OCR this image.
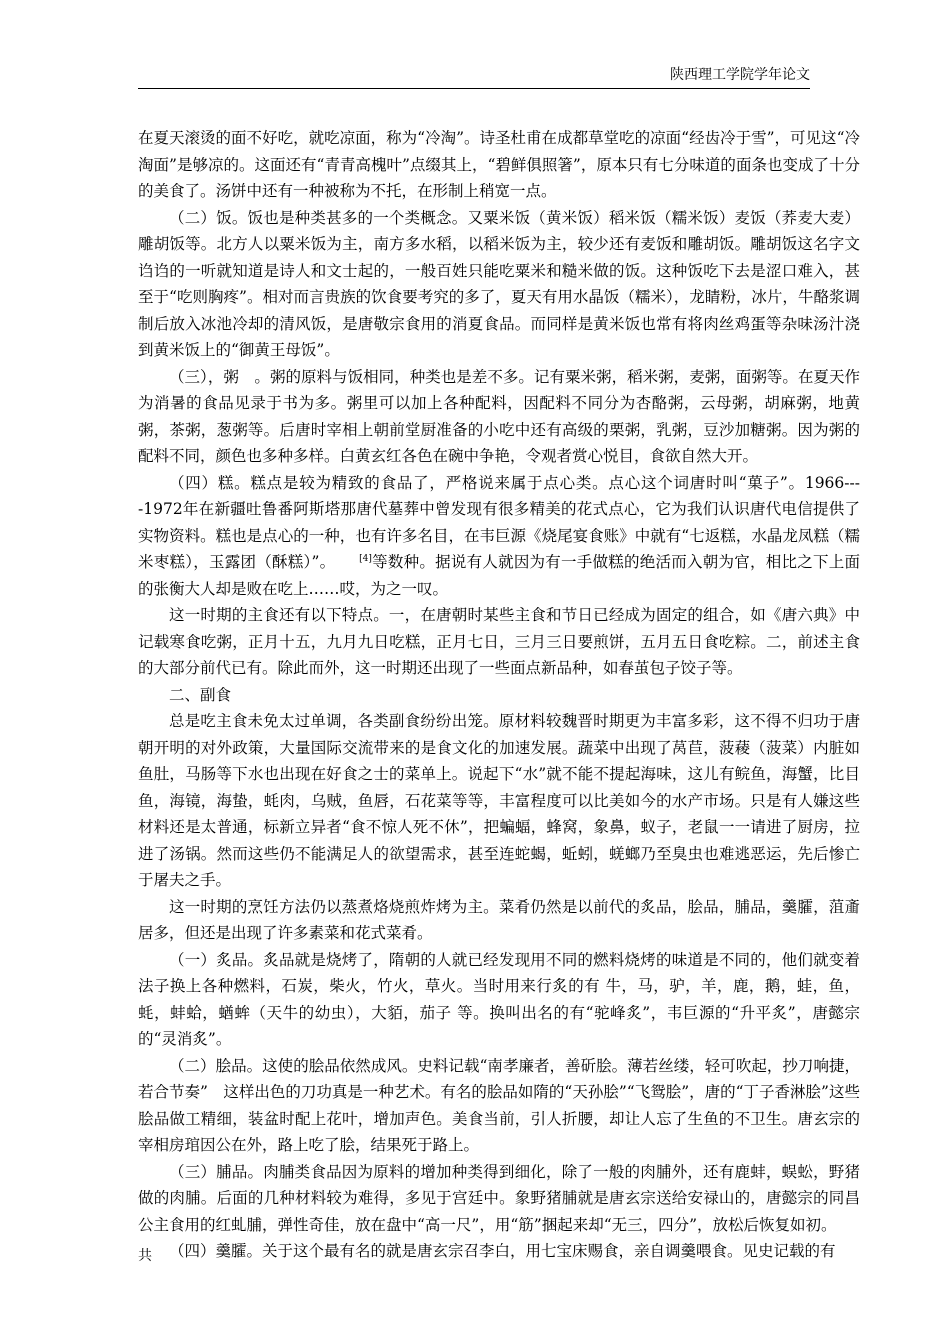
陕西理工学院学年论文

在夏天滚烫的面不好吃，就吃凉面，称为“冷淘”。诗圣杜甫在成都草堂吃的凉面“经齿冷于雪”，可见这“冷淘面”是够凉的。这面还有“青青高槐叶”点缀其上，“碧鲜俱照箸”，原本只有七分味道的面条也变成了十分的美食了。汤饼中还有一种被称为不托，在形制上稍宽一点。

（二）饭。饭也是种类甚多的一个类概念。又粟米饭（黄米饭）稻米饭（糯米饭）麦饭（荞麦大麦）雕胡饭等。北方人以粟米饭为主，南方多水稻，以稻米饭为主，较少还有麦饭和雕胡饭。雕胡饭这名字文诌诌的一听就知道是诗人和文士起的，一般百姓只能吃粟米和糙米做的饭。这种饭吃下去是涩口难入，甚至于“吃则胸疼”。相对而言贵族的饮食要考究的多了，夏天有用水晶饭（糯米），龙睛粉，冰片，牛酪浆调制后放入冰池冷却的清风饭，是唐敬宗食用的消夏食品。而同样是黄米饭也常有将肉丝鸡蛋等杂味汤汁浇到黄米饭上的“御黄王母饭”。

（三），粥　。粥的原料与饭相同，种类也是差不多。记有粟米粥，稻米粥，麦粥，面粥等。在夏天作为消暑的食品见录于书为多。粥里可以加上各种配料，因配料不同分为杏酪粥，云母粥，胡麻粥，地黄粥，茶粥，葱粥等。后唐时宰相上朝前堂厨准备的小吃中还有高级的栗粥，乳粥，豆沙加糖粥。因为粥的配料不同，颜色也多种多样。白黄玄红各色在碗中争艳，令观者赏心悦目，食欲自然大开。

（四）糕。糕点是较为精致的食品了，严格说来属于点心类。点心这个词唐时叫“菓子”。1966----1972年在新疆吐鲁番阿斯塔那唐代墓葬中曾发现有很多精美的花式点心，它为我们认识唐代电信提供了实物资料。糕也是点心的一种，也有许多名目，在韦巨源《烧尾宴食账》中就有“七返糕，水晶龙凤糕（糯米枣糕），玉露团（酥糕）”。　　[4]等数种。据说有人就因为有一手做糕的绝活而入朝为官，相比之下上面的张衡大人却是败在吃上……哎，为之一叹。

这一时期的主食还有以下特点。一，在唐朝时某些主食和节日已经成为固定的组合，如《唐六典》中记载寒食吃粥，正月十五，九月九日吃糕，正月七日，三月三日要煎饼，五月五日食吃粽。二，前述主食的大部分前代已有。除此而外，这一时期还出现了一些面点新品种，如春茧包子饺子等。

二、副食

总是吃主食未免太过单调，各类副食纷纷出笼。原材料较魏晋时期更为丰富多彩，这不得不归功于唐朝开明的对外政策，大量国际交流带来的是食文化的加速发展。蔬菜中出现了莴苣，菠薐（菠菜）内脏如鱼肚，马肠等下水也出现在好食之士的菜单上。说起下“水”就不能不提起海味，这儿有鲩鱼，海蟹，比目鱼，海镜，海蛰，蚝肉，乌贼，鱼唇，石花菜等等，丰富程度可以比美如今的水产市场。只是有人嫌这些材料还是太普通，标新立异者“食不惊人死不休”，把蝙蝠，蜂窝，象鼻，蚁子，老鼠一一请进了厨房，拉进了汤锅。然而这些仍不能满足人的欲望需求，甚至连蛇蝎，蚯蚓，蜣螂乃至臭虫也难逃恶运，先后惨亡于屠夫之手。

这一时期的烹饪方法仍以蒸煮烙烧煎炸烤为主。菜肴仍然是以前代的炙品，脍品，脯品，羹臛，菹齑居多，但还是出现了许多素菜和花式菜肴。

（一）炙品。炙品就是烧烤了，隋朝的人就已经发现用不同的燃料烧烤的味道是不同的，他们就变着法子换上各种燃料，石炭，柴火，竹火，草火。当时用来行炙的有 牛，马，驴，羊，鹿，鹅，蛙，鱼，蚝，蚌蛤，蝤蛑（天牛的幼虫），大貊，茄子 等。换叫出名的有“驼峰炙”，韦巨源的“升平炙”，唐懿宗的“灵消炙”。

（二）脍品。这使的脍品依然成风。史料记载“南孝廉者，善斫脍。薄若丝缕，轻可吹起，抄刀响捷，若合节奏”　这样出色的刀功真是一种艺术。有名的脍品如隋的“天孙脍”“飞鸳脍”，唐的“丁子香淋脍”这些脍品做工精细，装盆时配上花叶，增加声色。美食当前，引人折腰，却让人忘了生鱼的不卫生。唐玄宗的宰相房琯因公在外，路上吃了脍，结果死于路上。

（三）脯品。肉脯类食品因为原料的增加种类得到细化，除了一般的肉脯外，还有鹿蚌，蜈蚣，野猪做的肉脯。后面的几种材料较为难得，多见于宫廷中。象野猪脯就是唐玄宗送给安禄山的，唐懿宗的同昌公主食用的红虬脯，弹性奇佳，放在盘中“高一尺”，用“筋”捆起来却“无三，四分”，放松后恢复如初。

（四）羹臛。关于这个最有名的就是唐玄宗召李白，用七宝床赐食，亲自调羹喂食。见史记载的有

共
